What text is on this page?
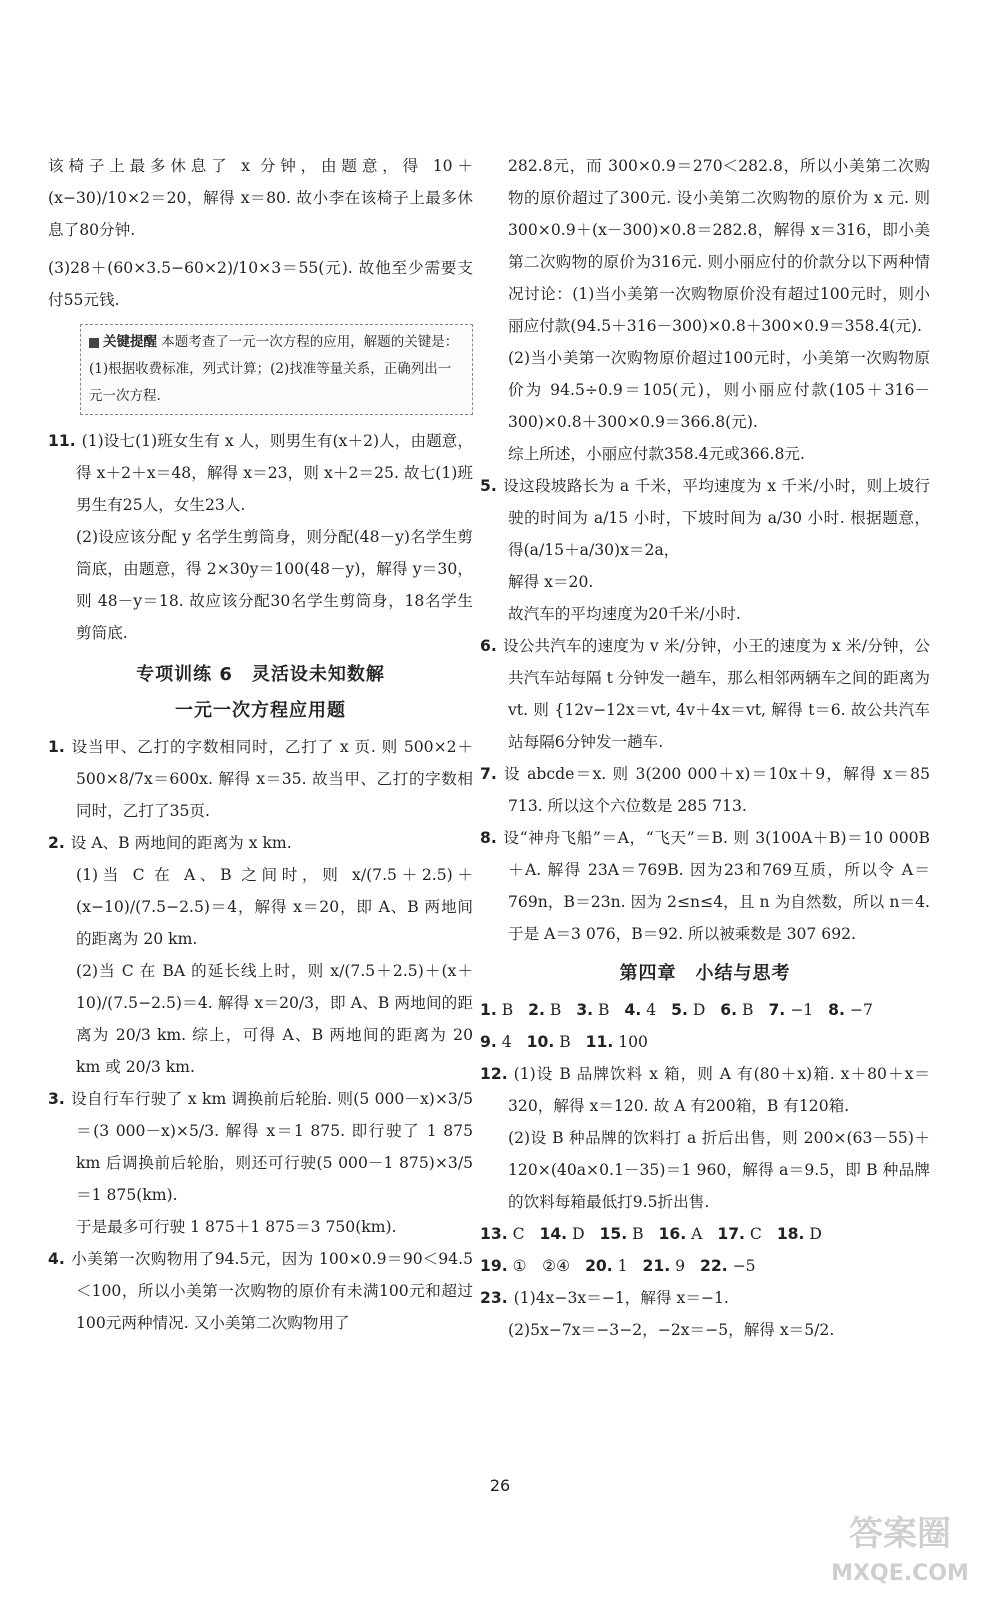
该椅子上最多休息了 x 分钟，由题意，得 10＋(x−30)/10×2＝20，解得 x＝80. 故小李在该椅子上最多休息了80分钟.

(3)28＋(60×3.5−60×2)/10×3＝55(元). 故他至少需要支付55元钱.

关键提醒 本题考查了一元一次方程的应用，解题的关键是：(1)根据收费标准，列式计算；(2)找准等量关系，正确列出一元一次方程.

11. (1)设七(1)班女生有 x 人，则男生有(x＋2)人，由题意，得 x＋2＋x＝48，解得 x＝23，则 x＋2＝25. 故七(1)班男生有25人，女生23人.

(2)设应该分配 y 名学生剪筒身，则分配(48－y)名学生剪筒底，由题意，得 2×30y＝100(48－y)，解得 y＝30，则 48－y＝18. 故应该分配30名学生剪筒身，18名学生剪筒底.

专项训练 6　灵活设未知数解
一元一次方程应用题

1. 设当甲、乙打的字数相同时，乙打了 x 页. 则 500×2＋500×8/7x＝600x. 解得 x＝35. 故当甲、乙打的字数相同时，乙打了35页.

2. 设 A、B 两地间的距离为 x km.

(1)当 C 在 A、B 之间时，则 x/(7.5＋2.5)＋(x−10)/(7.5−2.5)＝4，解得 x＝20，即 A、B 两地间的距离为 20 km.

(2)当 C 在 BA 的延长线上时，则 x/(7.5＋2.5)＋(x＋10)/(7.5−2.5)＝4. 解得 x＝20/3，即 A、B 两地间的距离为 20/3 km. 综上，可得 A、B 两地间的距离为 20 km 或 20/3 km.

3. 设自行车行驶了 x km 调换前后轮胎. 则(5 000－x)×3/5＝(3 000－x)×5/3. 解得 x＝1 875. 即行驶了 1 875 km 后调换前后轮胎，则还可行驶(5 000－1 875)×3/5＝1 875(km).

于是最多可行驶 1 875＋1 875＝3 750(km).

4. 小美第一次购物用了94.5元，因为 100×0.9＝90＜94.5＜100，所以小美第一次购物的原价有未满100元和超过100元两种情况. 又小美第二次购物用了

282.8元，而 300×0.9＝270＜282.8，所以小美第二次购物的原价超过了300元. 设小美第二次购物的原价为 x 元. 则 300×0.9＋(x－300)×0.8＝282.8，解得 x＝316，即小美第二次购物的原价为316元. 则小丽应付的价款分以下两种情况讨论：(1)当小美第一次购物原价没有超过100元时，则小丽应付款(94.5＋316－300)×0.8＋300×0.9＝358.4(元).

(2)当小美第一次购物原价超过100元时，小美第一次购物原价为 94.5÷0.9＝105(元)，则小丽应付款(105＋316－300)×0.8＋300×0.9＝366.8(元).

综上所述，小丽应付款358.4元或366.8元.

5. 设这段坡路长为 a 千米，平均速度为 x 千米/小时，则上坡行驶的时间为 a/15 小时，下坡时间为 a/30 小时. 根据题意，得(a/15＋a/30)x＝2a，

解得 x＝20.

故汽车的平均速度为20千米/小时.

6. 设公共汽车的速度为 v 米/分钟，小王的速度为 x 米/分钟，公共汽车站每隔 t 分钟发一趟车，那么相邻两辆车之间的距离为 vt. 则 {12v−12x＝vt, 4v＋4x＝vt, 解得 t＝6. 故公共汽车站每隔6分钟发一趟车.

7. 设 abcde＝x. 则 3(200 000＋x)＝10x＋9，解得 x＝85 713. 所以这个六位数是 285 713.

8. 设“神舟飞船”＝A，“飞天”＝B. 则 3(100A＋B)＝10 000B＋A. 解得 23A＝769B. 因为23和769互质，所以令 A＝769n，B＝23n. 因为 2≤n≤4，且 n 为自然数，所以 n＝4. 于是 A＝3 076，B＝92. 所以被乘数是 307 692.

第四章　小结与思考
1. B 2. B 3. B 4. 4 5. D 6. B 7. −1 8. −7
9. 4 10. B 11. 100

12. (1)设 B 品牌饮料 x 箱，则 A 有(80＋x)箱. x＋80＋x＝320，解得 x＝120. 故 A 有200箱，B 有120箱.

(2)设 B 种品牌的饮料打 a 折后出售，则 200×(63－55)＋120×(40a×0.1－35)＝1 960，解得 a＝9.5，即 B 种品牌的饮料每箱最低打9.5折出售.

13. C 14. D 15. B 16. A 17. C 18. D
19. ①　②④ 20. 1 21. 9 22. −5

23. (1)4x−3x＝−1，解得 x＝−1.

(2)5x−7x＝−3−2，−2x＝−5，解得 x＝5/2.

26
答案圈
MXQE.COM
